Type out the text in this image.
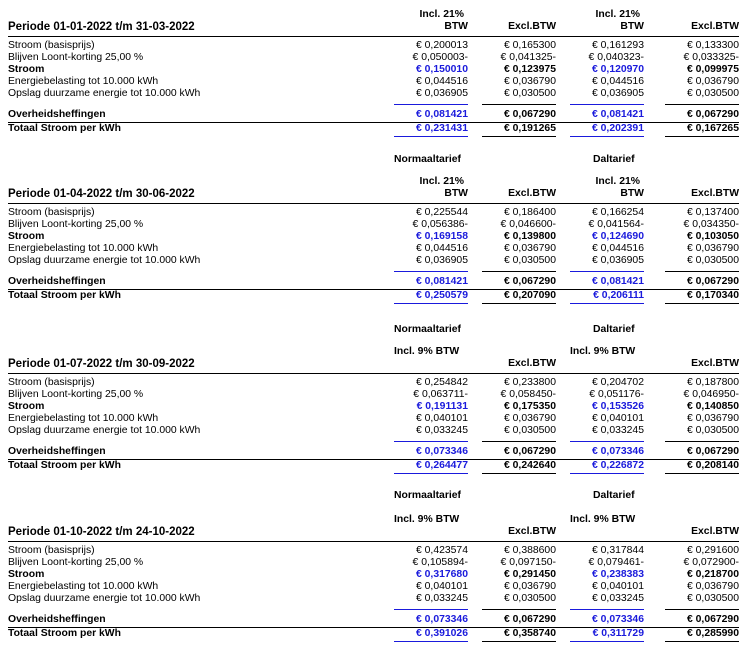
Incl. 21%
BTW	Excl.BTW
Incl. 21%
BTW	Excl.BTW
Periode 01-01-2022 t/m 31-03-2022
Stroom (basisprijs)	€ 0,200013	€ 0,165300	€ 0,161293	€ 0,133300
Blijven Loont-korting 25,00 %	€ 0,050003-	€ 0,041325-	€ 0,040323-	€ 0,033325-
Stroom	€ 0,150010	€ 0,123975	€ 0,120970	€ 0,099975
Energiebelasting tot 10.000 kWh	€ 0,044516	€ 0,036790	€ 0,044516	€ 0,036790
Opslag duurzame energie tot 10.000 kWh	€ 0,036905	€ 0,030500	€ 0,036905	€ 0,030500
Overheidsheffingen	€ 0,081421	€ 0,067290	€ 0,081421	€ 0,067290
Totaal Stroom per kWh	€ 0,231431	€ 0,191265	€ 0,202391	€ 0,167265
Normaaltarief	Daltarief
Incl. 21%
BTW	Excl.BTW
Incl. 21%
BTW	Excl.BTW
Periode 01-04-2022 t/m 30-06-2022
Stroom (basisprijs)	€ 0,225544	€ 0,186400	€ 0,166254	€ 0,137400
Blijven Loont-korting 25,00 %	€ 0,056386-	€ 0,046600-	€ 0,041564-	€ 0,034350-
Stroom	€ 0,169158	€ 0,139800	€ 0,124690	€ 0,103050
Energiebelasting tot 10.000 kWh	€ 0,044516	€ 0,036790	€ 0,044516	€ 0,036790
Opslag duurzame energie tot 10.000 kWh	€ 0,036905	€ 0,030500	€ 0,036905	€ 0,030500
Overheidsheffingen	€ 0,081421	€ 0,067290	€ 0,081421	€ 0,067290
Totaal Stroom per kWh	€ 0,250579	€ 0,207090	€ 0,206111	€ 0,170340
Normaaltarief	Daltarief
Incl. 9% BTW
Excl.BTW
Incl. 9% BTW
Excl.BTW
Periode 01-07-2022 t/m 30-09-2022
Stroom (basisprijs)	€ 0,254842	€ 0,233800	€ 0,204702	€ 0,187800
Blijven Loont-korting 25,00 %	€ 0,063711-	€ 0,058450-	€ 0,051176-	€ 0,046950-
Stroom	€ 0,191131	€ 0,175350	€ 0,153526	€ 0,140850
Energiebelasting tot 10.000 kWh	€ 0,040101	€ 0,036790	€ 0,040101	€ 0,036790
Opslag duurzame energie tot 10.000 kWh	€ 0,033245	€ 0,030500	€ 0,033245	€ 0,030500
Overheidsheffingen	€ 0,073346	€ 0,067290	€ 0,073346	€ 0,067290
Totaal Stroom per kWh	€ 0,264477	€ 0,242640	€ 0,226872	€ 0,208140
Normaaltarief	Daltarief
Incl. 9% BTW
Excl.BTW
Incl. 9% BTW
Excl.BTW
Periode 01-10-2022 t/m 24-10-2022
Stroom (basisprijs)	€ 0,423574	€ 0,388600	€ 0,317844	€ 0,291600
Blijven Loont-korting 25,00 %	€ 0,105894-	€ 0,097150-	€ 0,079461-	€ 0,072900-
Stroom	€ 0,317680	€ 0,291450	€ 0,238383	€ 0,218700
Energiebelasting tot 10.000 kWh	€ 0,040101	€ 0,036790	€ 0,040101	€ 0,036790
Opslag duurzame energie tot 10.000 kWh	€ 0,033245	€ 0,030500	€ 0,033245	€ 0,030500
Overheidsheffingen	€ 0,073346	€ 0,067290	€ 0,073346	€ 0,067290
Totaal Stroom per kWh	€ 0,391026	€ 0,358740	€ 0,311729	€ 0,285990
